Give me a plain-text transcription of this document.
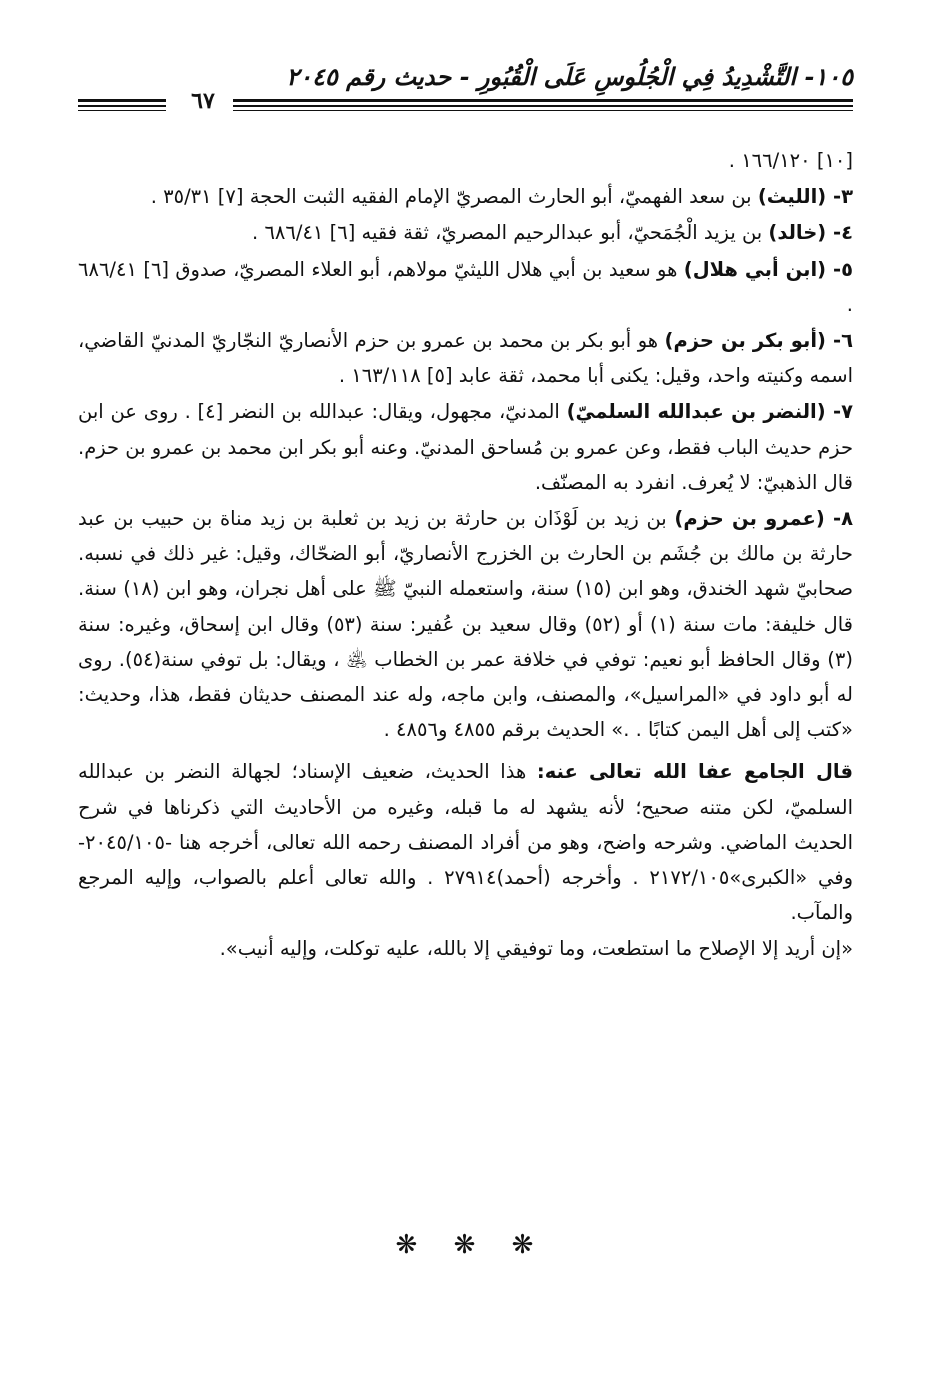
١٠٥- التَّشْدِيدُ فِي الْجُلُوسِ عَلَى الْقُبُورِ - حديث رقم ٢٠٤٥
٦٧

[١٠] ١٦٦/١٢٠ .

٣- (الليث) بن سعد الفهميّ، أبو الحارث المصريّ الإمام الفقيه الثبت الحجة [٧] ٣٥/٣١ .

٤- (خالد) بن يزيد الْجُمَحيّ، أبو عبدالرحيم المصريّ، ثقة فقيه [٦] ٦٨٦/٤١ .

٥- (ابن أبي هلال) هو سعيد بن أبي هلال الليثيّ مولاهم، أبو العلاء المصريّ، صدوق [٦] ٦٨٦/٤١ .

٦- (أبو بكر بن حزم) هو أبو بكر بن محمد بن عمرو بن حزم الأنصاريّ النجّاريّ المدنيّ القاضي، اسمه وكنيته واحد، وقيل: يكنى أبا محمد، ثقة عابد [٥] ١٦٣/١١٨ .

٧- (النضر بن عبدالله السلميّ) المدنيّ، مجهول، ويقال: عبدالله بن النضر [٤] . روى عن ابن حزم حديث الباب فقط، وعن عمرو بن مُساحق المدنيّ. وعنه أبو بكر ابن محمد بن عمرو بن حزم. قال الذهبيّ: لا يُعرف. انفرد به المصنّف.

٨- (عمرو بن حزم) بن زيد بن لَوْذَان بن حارثة بن زيد بن ثعلبة بن زيد مناة بن حبيب بن عبد حارثة بن مالك بن جُشَم بن الحارث بن الخزرج الأنصاريّ، أبو الضحّاك، وقيل: غير ذلك في نسبه. صحابيّ شهد الخندق، وهو ابن (١٥) سنة، واستعمله النبيّ ﷺ على أهل نجران، وهو ابن (١٨) سنة. قال خليفة: مات سنة (١) أو (٥٢) وقال سعيد بن عُفير: سنة (٥٣) وقال ابن إسحاق، وغيره: سنة (٣) وقال الحافظ أبو نعيم: توفي في خلافة عمر بن الخطاب ﵁ ، ويقال: بل توفي سنة(٥٤). روى له أبو داود في «المراسيل»، والمصنف، وابن ماجه، وله عند المصنف حديثان فقط، هذا، وحديث: «كتب إلى أهل اليمن كتابًا . .» الحديث برقم ٤٨٥٥ و٤٨٥٦ .

قال الجامع عفا الله تعالى عنه: هذا الحديث، ضعيف الإسناد؛ لجهالة النضر بن عبدالله السلميّ، لكن متنه صحيح؛ لأنه يشهد له ما قبله، وغيره من الأحاديث التي ذكرناها في شرح الحديث الماضي. وشرحه واضح، وهو من أفراد المصنف رحمه الله تعالى، أخرجه هنا -٢٠٤٥/١٠٥- وفي «الكبرى»٢١٧٢/١٠٥ . وأخرجه (أحمد)٢٧٩١٤ . والله تعالى أعلم بالصواب، وإليه المرجع والمآب.

«إن أريد إلا الإصلاح ما استطعت، وما توفيقي إلا بالله، عليه توكلت، وإليه أنيب».

❋ ❋ ❋
